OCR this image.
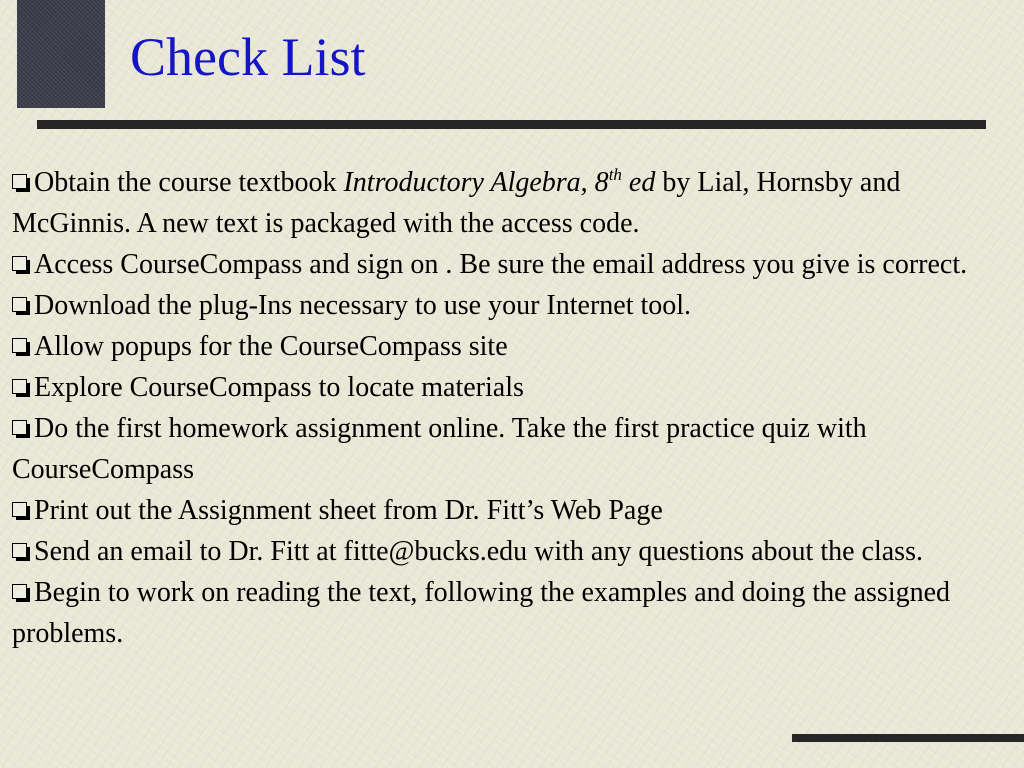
Check List

Obtain the course textbook Introductory Algebra, 8th ed by Lial, Hornsby and McGinnis. A new text is packaged with the access code.

Access CourseCompass and sign on . Be sure the email address you give is correct.

Download the plug-Ins necessary to use your Internet tool.

Allow popups for the CourseCompass site

Explore CourseCompass to locate materials

Do the first homework assignment online. Take the first practice quiz with CourseCompass

Print out the Assignment sheet from Dr. Fitt’s Web Page

Send an email to Dr. Fitt at fitte@bucks.edu with any questions about the class.

Begin to work on reading the text, following the examples and doing the assigned problems.
